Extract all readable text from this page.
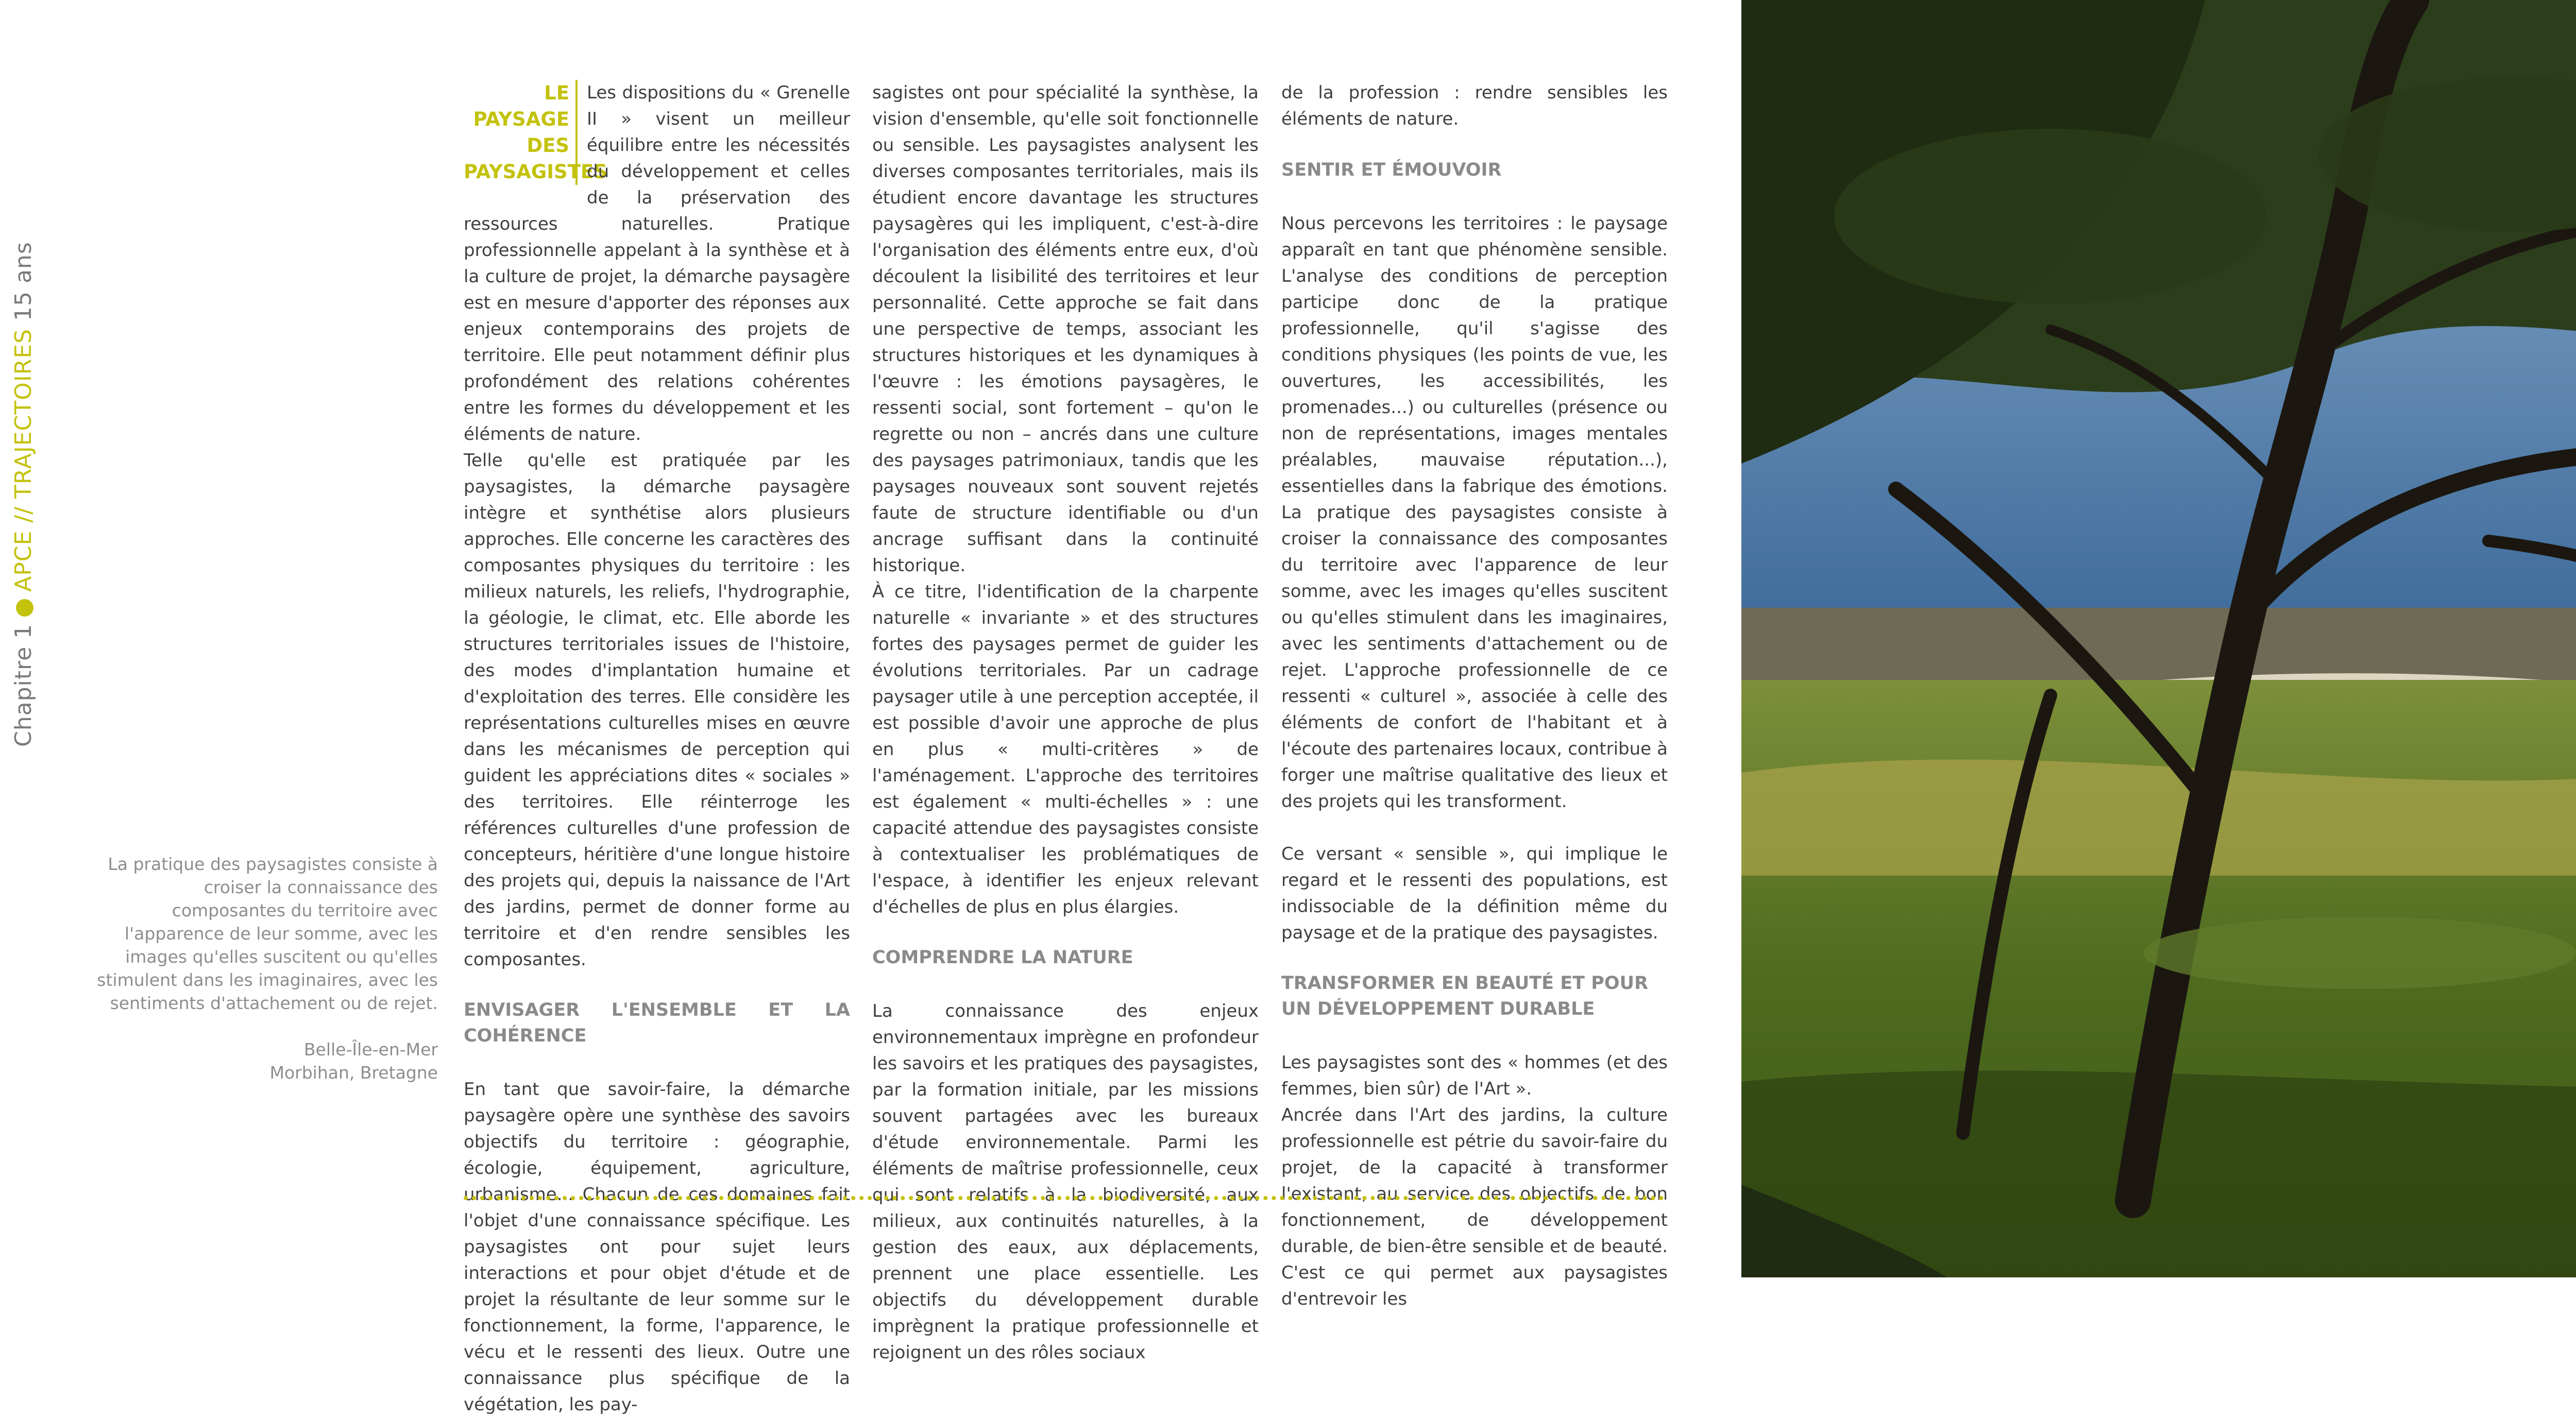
Chapitre 1APCE // TRAJECTOIRES 15 ans

La pratique des paysagistes consiste à croiser la connaissance des composantes du territoire avec l'apparence de leur somme, avec les images qu'elles suscitent ou qu'elles stimulent dans les imaginaires, avec les sentiments d'attachement ou de rejet.

Belle-Île-en-Mer

Morbihan, Bretagne

LE PAYSAGE DES PAYSAGISTES

Les dispositions du « Grenelle II » visent un meilleur équilibre entre les nécessités du développement et celles de la préservation des ressources naturelles. Pratique professionnelle appelant à la synthèse et à la culture de projet, la démarche paysagère est en mesure d'apporter des réponses aux enjeux contemporains des projets de territoire. Elle peut notamment définir plus profondément des relations cohérentes entre les formes du développement et les éléments de nature.

Telle qu'elle est pratiquée par les paysagistes, la démarche paysagère intègre et synthétise alors plusieurs approches. Elle concerne les caractères des composantes physiques du territoire : les milieux naturels, les reliefs, l'hydrographie, la géologie, le climat, etc. Elle aborde les structures territoriales issues de l'histoire, des modes d'implantation humaine et d'exploitation des terres. Elle considère les représentations culturelles mises en œuvre dans les mécanismes de perception qui guident les appréciations dites « sociales » des territoires. Elle réinterroge les références culturelles d'une profession de concepteurs, héritière d'une longue histoire des projets qui, depuis la naissance de l'Art des jardins, permet de donner forme au territoire et d'en rendre sensibles les composantes.

ENVISAGER L'ENSEMBLE ET LA COHÉRENCE

En tant que savoir-faire, la démarche paysagère opère une synthèse des savoirs objectifs du territoire : géographie, écologie, équipement, agriculture, urbanisme... Chacun de ces domaines fait l'objet d'une connaissance spécifique. Les paysagistes ont pour sujet leurs interactions et pour objet d'étude et de projet la résultante de leur somme sur le fonctionnement, la forme, l'apparence, le vécu et le ressenti des lieux. Outre une connaissance plus spécifique de la végétation, les pay-

sagistes ont pour spécialité la synthèse, la vision d'ensemble, qu'elle soit fonctionnelle ou sensible. Les paysagistes analysent les diverses composantes territoriales, mais ils étudient encore davantage les structures paysagères qui les impliquent, c'est-à-dire l'organisation des éléments entre eux, d'où découlent la lisibilité des territoires et leur personnalité. Cette approche se fait dans une perspective de temps, associant les structures historiques et les dynamiques à l'œuvre : les émotions paysagères, le ressenti social, sont fortement – qu'on le regrette ou non – ancrés dans une culture des paysages patrimoniaux, tandis que les paysages nouveaux sont souvent rejetés faute de structure identifiable ou d'un ancrage suffisant dans la continuité historique.

À ce titre, l'identification de la charpente naturelle « invariante » et des structures fortes des paysages permet de guider les évolutions territoriales. Par un cadrage paysager utile à une perception acceptée, il est possible d'avoir une approche de plus en plus « multi-critères » de l'aménagement. L'approche des territoires est également « multi-échelles » : une capacité attendue des paysagistes consiste à contextualiser les problématiques de l'espace, à identifier les enjeux relevant d'échelles de plus en plus élargies.

COMPRENDRE LA NATURE

La connaissance des enjeux environnementaux imprègne en profondeur les savoirs et les pratiques des paysagistes, par la formation initiale, par les missions souvent partagées avec les bureaux d'étude environnementale. Parmi les éléments de maîtrise professionnelle, ceux qui sont relatifs à la biodiversité, aux milieux, aux continuités naturelles, à la gestion des eaux, aux déplacements, prennent une place essentielle. Les objectifs du développement durable imprègnent la pratique professionnelle et rejoignent un des rôles sociaux

de la profession : rendre sensibles les éléments de nature.

SENTIR ET ÉMOUVOIR

Nous percevons les territoires : le paysage apparaît en tant que phénomène sensible. L'analyse des conditions de perception participe donc de la pratique professionnelle, qu'il s'agisse des conditions physiques (les points de vue, les ouvertures, les accessibilités, les promenades...) ou culturelles (présence ou non de représentations, images mentales préalables, mauvaise réputation...), essentielles dans la fabrique des émotions. La pratique des paysagistes consiste à croiser la connaissance des composantes du territoire avec l'apparence de leur somme, avec les images qu'elles suscitent ou qu'elles stimulent dans les imaginaires, avec les sentiments d'attachement ou de rejet. L'approche professionnelle de ce ressenti « culturel », associée à celle des éléments de confort de l'habitant et à l'écoute des partenaires locaux, contribue à forger une maîtrise qualitative des lieux et des projets qui les transforment.

Ce versant « sensible », qui implique le regard et le ressenti des populations, est indissociable de la définition même du paysage et de la pratique des paysagistes.

TRANSFORMER EN BEAUTÉ ET POUR
UN DÉVELOPPEMENT DURABLE

Les paysagistes sont des « hommes (et des femmes, bien sûr) de l'Art ».

Ancrée dans l'Art des jardins, la culture professionnelle est pétrie du savoir-faire du projet, de la capacité à transformer l'existant, au service des objectifs de bon fonctionnement, de développement durable, de bien-être sensible et de beauté. C'est ce qui permet aux paysagistes d'entrevoir les
